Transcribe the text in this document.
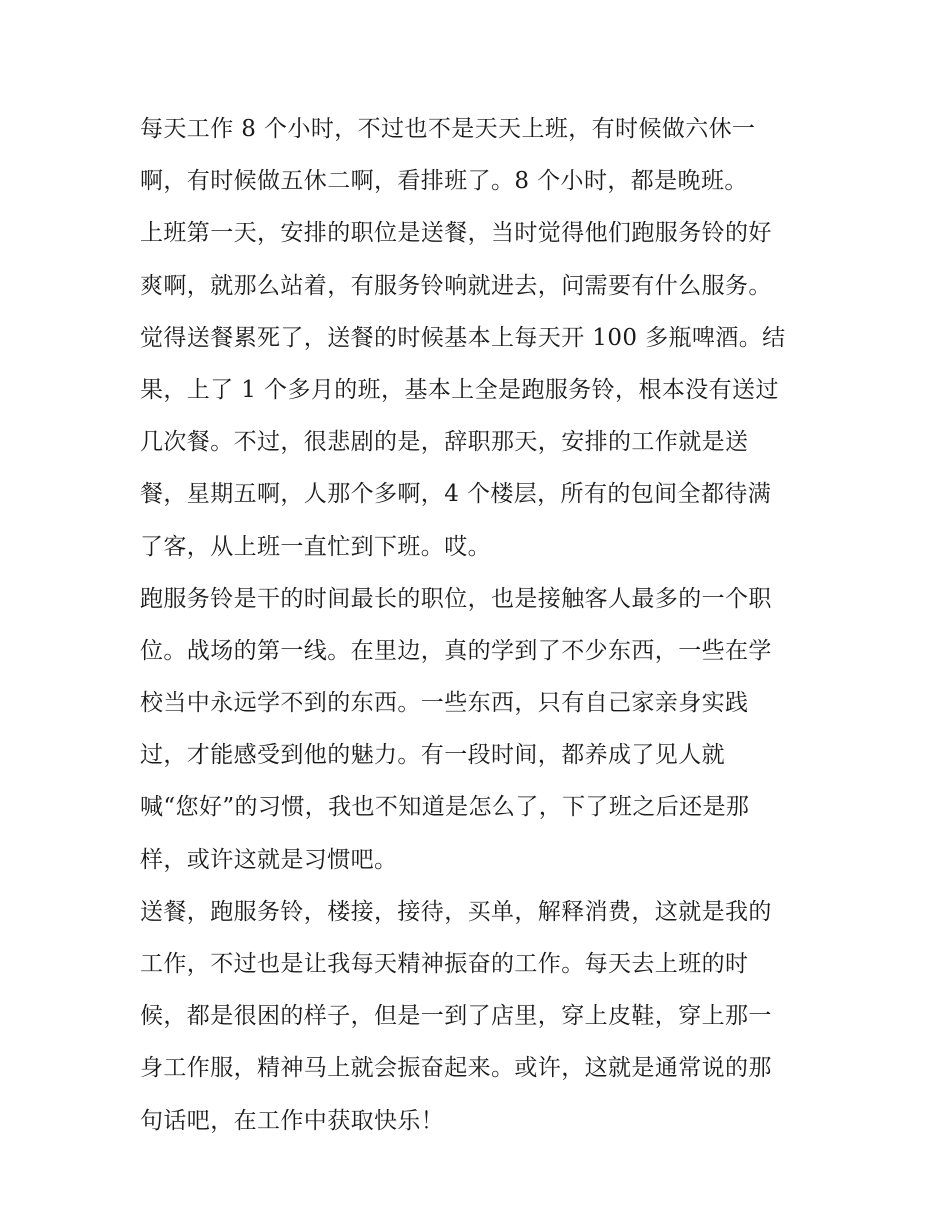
每天工作 8 个小时，不过也不是天天上班，有时候做六休一
啊，有时候做五休二啊，看排班了。8 个小时，都是晚班。
上班第一天，安排的职位是送餐，当时觉得他们跑服务铃的好
爽啊，就那么站着，有服务铃响就进去，问需要有什么服务。
觉得送餐累死了，送餐的时候基本上每天开 100 多瓶啤酒。结
果，上了 1 个多月的班，基本上全是跑服务铃，根本没有送过
几次餐。不过，很悲剧的是，辞职那天，安排的工作就是送
餐，星期五啊，人那个多啊，4 个楼层，所有的包间全都待满
了客，从上班一直忙到下班。哎。
跑服务铃是干的时间最长的职位，也是接触客人最多的一个职
位。战场的第一线。在里边，真的学到了不少东西，一些在学
校当中永远学不到的东西。一些东西，只有自己家亲身实践
过，才能感受到他的魅力。有一段时间，都养成了见人就
喊“您好”的习惯，我也不知道是怎么了，下了班之后还是那
样，或许这就是习惯吧。
送餐，跑服务铃，楼接，接待，买单，解释消费，这就是我的
工作，不过也是让我每天精神振奋的工作。每天去上班的时
候，都是很困的样子，但是一到了店里，穿上皮鞋，穿上那一
身工作服，精神马上就会振奋起来。或许，这就是通常说的那
句话吧，在工作中获取快乐！
